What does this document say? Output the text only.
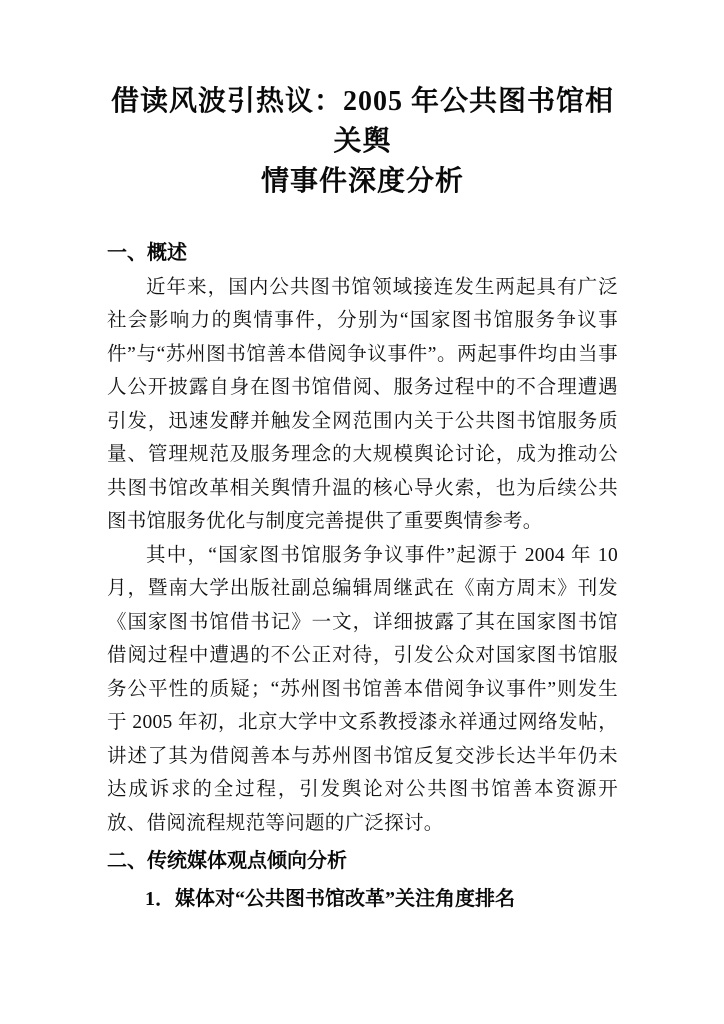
借读风波引热议：2005 年公共图书馆相关舆
情事件深度分析
一、概述

近年来，国内公共图书馆领域接连发生两起具有广泛社会影响力的舆情事件，分别为“国家图书馆服务争议事件”与“苏州图书馆善本借阅争议事件”。两起事件均由当事人公开披露自身在图书馆借阅、服务过程中的不合理遭遇引发，迅速发酵并触发全网范围内关于公共图书馆服务质量、管理规范及服务理念的大规模舆论讨论，成为推动公共图书馆改革相关舆情升温的核心导火索，也为后续公共图书馆服务优化与制度完善提供了重要舆情参考。

其中，“国家图书馆服务争议事件”起源于 2004 年 10 月，暨南大学出版社副总编辑周继武在《南方周末》刊发《国家图书馆借书记》一文，详细披露了其在国家图书馆借阅过程中遭遇的不公正对待，引发公众对国家图书馆服务公平性的质疑；“苏州图书馆善本借阅争议事件”则发生于 2005 年初，北京大学中文系教授漆永祥通过网络发帖，讲述了其为借阅善本与苏州图书馆反复交涉长达半年仍未达成诉求的全过程，引发舆论对公共图书馆善本资源开放、借阅流程规范等问题的广泛探讨。

二、传统媒体观点倾向分析
1．媒体对“公共图书馆改革”关注角度排名
